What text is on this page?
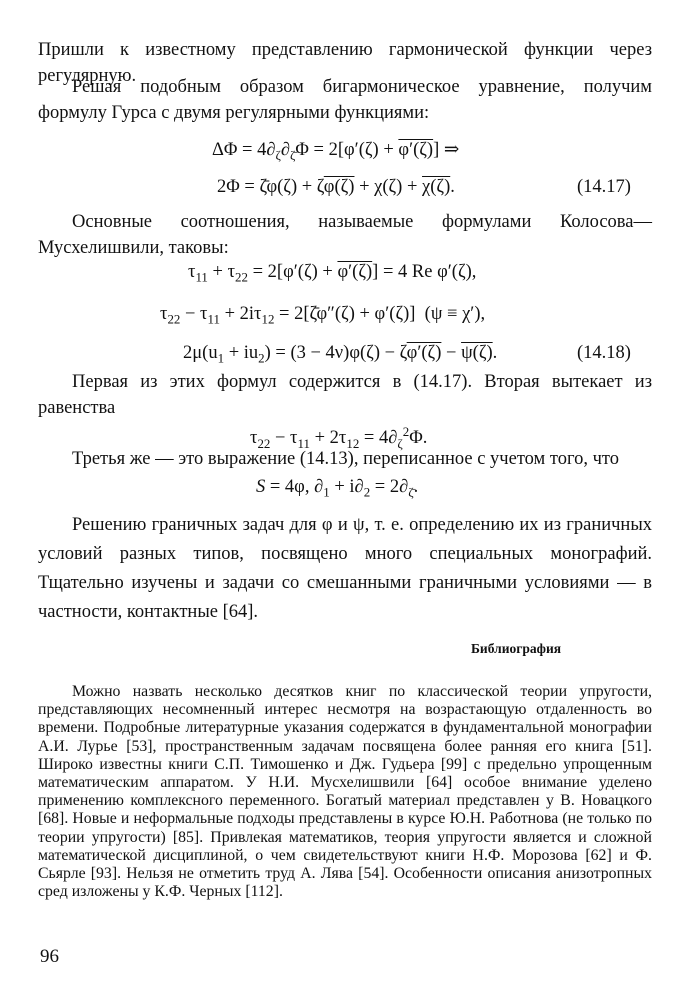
Пришли к известному представлению гармонической функции через регулярную.

Решая подобным образом бигармоническое уравнение, получим формулу Гурса с двумя регулярными функциями:

$\Delta\Phi = 4\partial_\zeta\partial_{\zetā}\Phi = 2[\varphi'(\zeta) + \varphi'(\zeta)]$ ⇒
2Φ = ζ̄φ(ζ) + ζφ(ζ) + χ(ζ) + χ(ζ).	(14.17)

Основные соотношения, называемые формулами Колосова—Мусхелишвили, таковы:

$\tau_{11} + \tau_{22} = 2[\varphi'(\zeta) + \varphi'(\zeta)] = 4$ Re φ′(ζ),
$\tau_{22} - \tau_{11} + 2i\tau_{12}$ = 2[ζ̄φ″(ζ) + φ′(ζ)]  (ψ ≡ χ′),
$2\mu(u_1 + iu_2) = (3 - 4\nu)\varphi(\zeta) - \zeta\varphi'(\zeta) - \psi(\zeta)$.	(14.18)

Первая из этих формул содержится в (14.17). Вторая вытекает из равенства

$\tau_{22} - \tau_{11} + 2\tau_{12} = 4\partial_\zeta^2\Phi$.

Третья же — это выражение (14.13), переписанное с учетом того, что

S = 4φ, $\partial_1 + i\partial_2 = 2\partial_{\zetā}$.

Решению граничных задач для φ и ψ, т. е. определению их из граничных условий разных типов, посвящено много специальных монографий. Тщательно изучены и задачи со смешанными граничными условиями — в частности, контактные [64].

Библиография

Можно назвать несколько десятков книг по классической теории упругости, представляющих несомненный интерес несмотря на возрастающую отдаленность во времени. Подробные литературные указания содержатся в фундаментальной монографии А.И. Лурье [53], пространственным задачам посвящена более ранняя его книга [51]. Широко известны книги С.П. Тимошенко и Дж. Гудьера [99] с предельно упрощенным математическим аппаратом. У Н.И. Мусхелишвили [64] особое внимание уделено применению комплексного переменного. Богатый материал представлен у В. Новацкого [68]. Новые и неформальные подходы представлены в курсе Ю.Н. Работнова (не только по теории упругости) [85]. Привлекая математиков, теория упругости является и сложной математической дисциплиной, о чем свидетельствуют книги Н.Ф. Морозова [62] и Ф. Сьярле [93]. Нельзя не отметить труд А. Лява [54]. Особенности описания анизотропных сред изложены у К.Ф. Черных [112].

96
